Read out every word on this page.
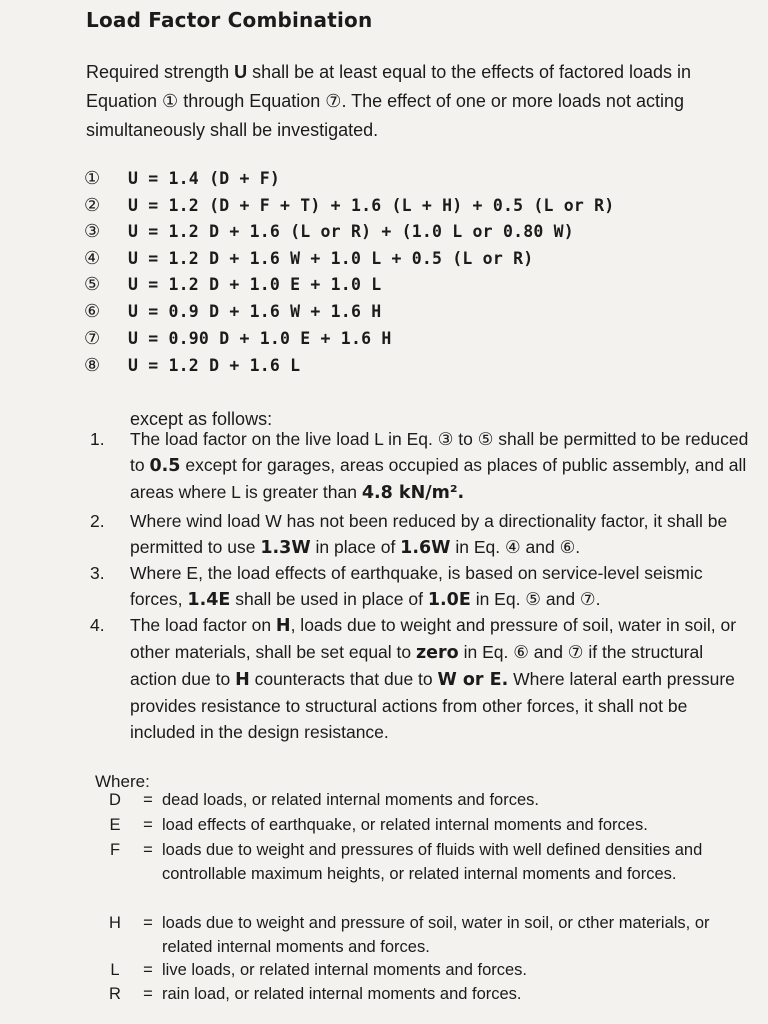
Load Factor Combination
Required strength U shall be at least equal to the effects of factored loads in Equation ① through Equation ⑦. The effect of one or more loads not acting simultaneously shall be investigated.
①	U = 1.4 (D + F)
②	U = 1.2 (D + F + T) + 1.6 (L + H) + 0.5 (L or R)
③	U = 1.2 D + 1.6 (L or R) + (1.0 L or 0.80 W)
④	U = 1.2 D + 1.6 W + 1.0 L + 0.5 (L or R)
⑤	U = 1.2 D + 1.0 E + 1.0 L
⑥	U = 0.9 D + 1.6 W + 1.6 H
⑦	U = 0.90 D + 1.0 E + 1.6 H
⑧	U = 1.2 D + 1.6 L
except as follows:
1.	The load factor on the live load L in Eq. ③ to ⑤ shall be permitted to be reduced to 0.5 except for garages, areas occupied as places of public assembly, and all areas where L is greater than 4.8 kN/m².
2.	Where wind load W has not been reduced by a directionality factor, it shall be permitted to use 1.3W in place of 1.6W in Eq. ④ and ⑥.
3.	Where E, the load effects of earthquake, is based on service-level seismic forces, 1.4E shall be used in place of 1.0E in Eq. ⑤ and ⑦.
4.	The load factor on H, loads due to weight and pressure of soil, water in soil, or other materials, shall be set equal to zero in Eq. ⑥ and ⑦ if the structural action due to H counteracts that due to W or E. Where lateral earth pressure provides resistance to structural actions from other forces, it shall not be included in the design resistance.
Where:
D	= dead loads, or related internal moments and forces.
E	= load effects of earthquake, or related internal moments and forces.
F	= loads due to weight and pressures of fluids with well defined densities and controllable maximum heights, or related internal moments and forces.
H	= loads due to weight and pressure of soil, water in soil, or cther materials, or related internal moments and forces.
L	= live loads, or related internal moments and forces.
R	= rain load, or related internal moments and forces.
